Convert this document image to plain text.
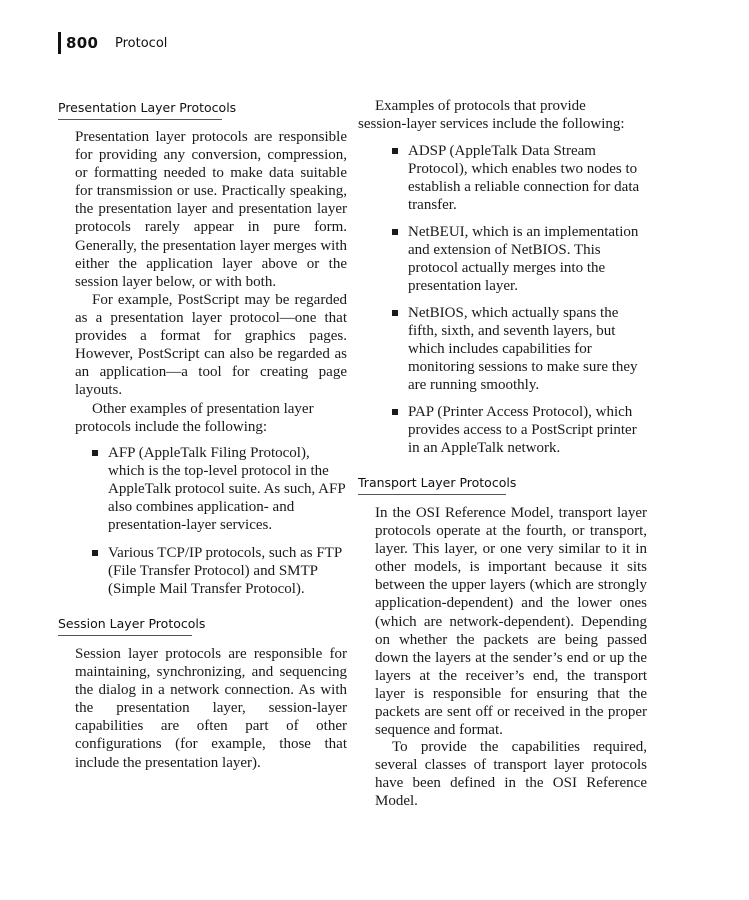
800 Protocol
Presentation Layer Protocols

Presentation layer protocols are responsible for providing any conversion, compression, or formatting needed to make data suitable for transmission or use. Practically speaking, the presentation layer and presentation layer protocols rarely appear in pure form. Generally, the presentation layer merges with either the application layer above or the session layer below, or with both.

For example, PostScript may be regarded as a presentation layer protocol—one that provides a format for graphics pages. However, PostScript can also be regarded as an application—a tool for creating page layouts.

Other examples of presentation layer protocols include the following:

AFP (AppleTalk Filing Protocol), which is the top-level protocol in the AppleTalk protocol suite. As such, AFP also combines application- and presentation-layer services.

Various TCP/IP protocols, such as FTP (File Transfer Protocol) and SMTP (Simple Mail Transfer Protocol).

Session Layer Protocols

Session layer protocols are responsible for maintaining, synchronizing, and sequencing the dialog in a network connection. As with the presentation layer, session-layer capabilities are often part of other configurations (for example, those that include the presentation layer).

Examples of protocols that provide session-layer services include the following:

ADSP (AppleTalk Data Stream Protocol), which enables two nodes to establish a reliable connection for data transfer.

NetBEUI, which is an implementation and extension of NetBIOS. This protocol actually merges into the presentation layer.

NetBIOS, which actually spans the fifth, sixth, and seventh layers, but which includes capabilities for monitoring sessions to make sure they are running smoothly.

PAP (Printer Access Protocol), which provides access to a PostScript printer in an AppleTalk network.

Transport Layer Protocols

In the OSI Reference Model, transport layer protocols operate at the fourth, or transport, layer. This layer, or one very similar to it in other models, is important because it sits between the upper layers (which are strongly application-dependent) and the lower ones (which are network-dependent). Depending on whether the packets are being passed down the layers at the sender’s end or up the layers at the receiver’s end, the transport layer is responsible for ensuring that the packets are sent off or received in the proper sequence and format.

To provide the capabilities required, several classes of transport layer protocols have been defined in the OSI Reference Model.
